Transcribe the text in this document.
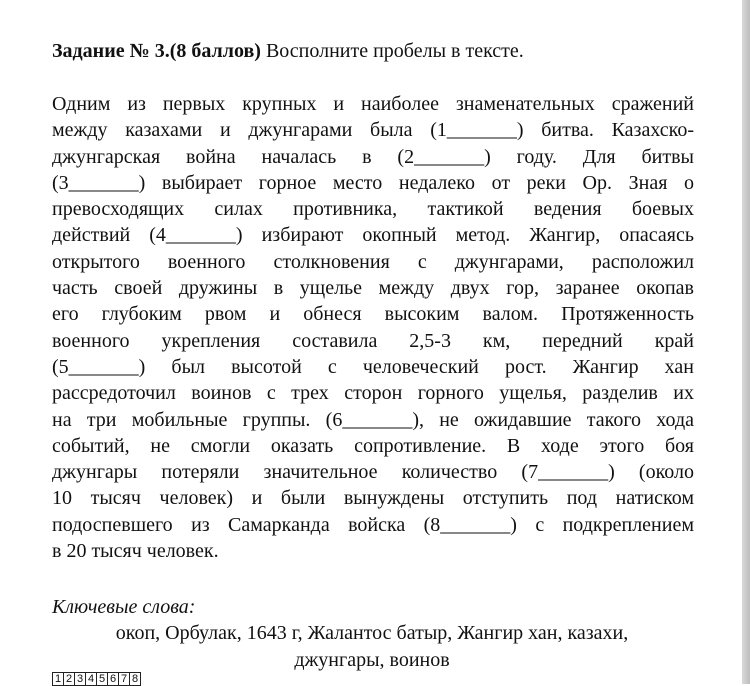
Задание № 3.(8 баллов) Восполните пробелы в тексте.
Одним из первых крупных и наиболее знаменательных сражений
между казахами и джунгарами была (1_______) битва. Казахско-
джунгарская война началась в (2_______) году. Для битвы
(3_______) выбирает горное место недалеко от реки Ор. Зная о
превосходящих силах противника, тактикой ведения боевых
действий (4_______) избирают окопный метод. Жангир, опасаясь
открытого военного столкновения с джунгарами, расположил
часть своей дружины в ущелье между двух гор, заранее окопав
его глубоким рвом и обнеся высоким валом. Протяженность
военного укрепления составила 2,5-3 км, передний край
(5_______) был высотой с человеческий рост. Жангир хан
рассредоточил воинов с трех сторон горного ущелья, разделив их
на три мобильные группы. (6_______), не ожидавшие такого хода
событий, не смогли оказать сопротивление. В ходе этого боя
джунгары потеряли значительное количество (7_______) (около
10 тысяч человек) и были вынуждены отступить под натиском
подоспевшего из Самарканда войска (8_______) с подкреплением
в 20 тысяч человек.
Ключевые слова:
окоп, Орбулак, 1643 г, Жалантос батыр, Жангир хан, казахи,
джунгары, воинов
1 2 3 4 5 6 7 8
